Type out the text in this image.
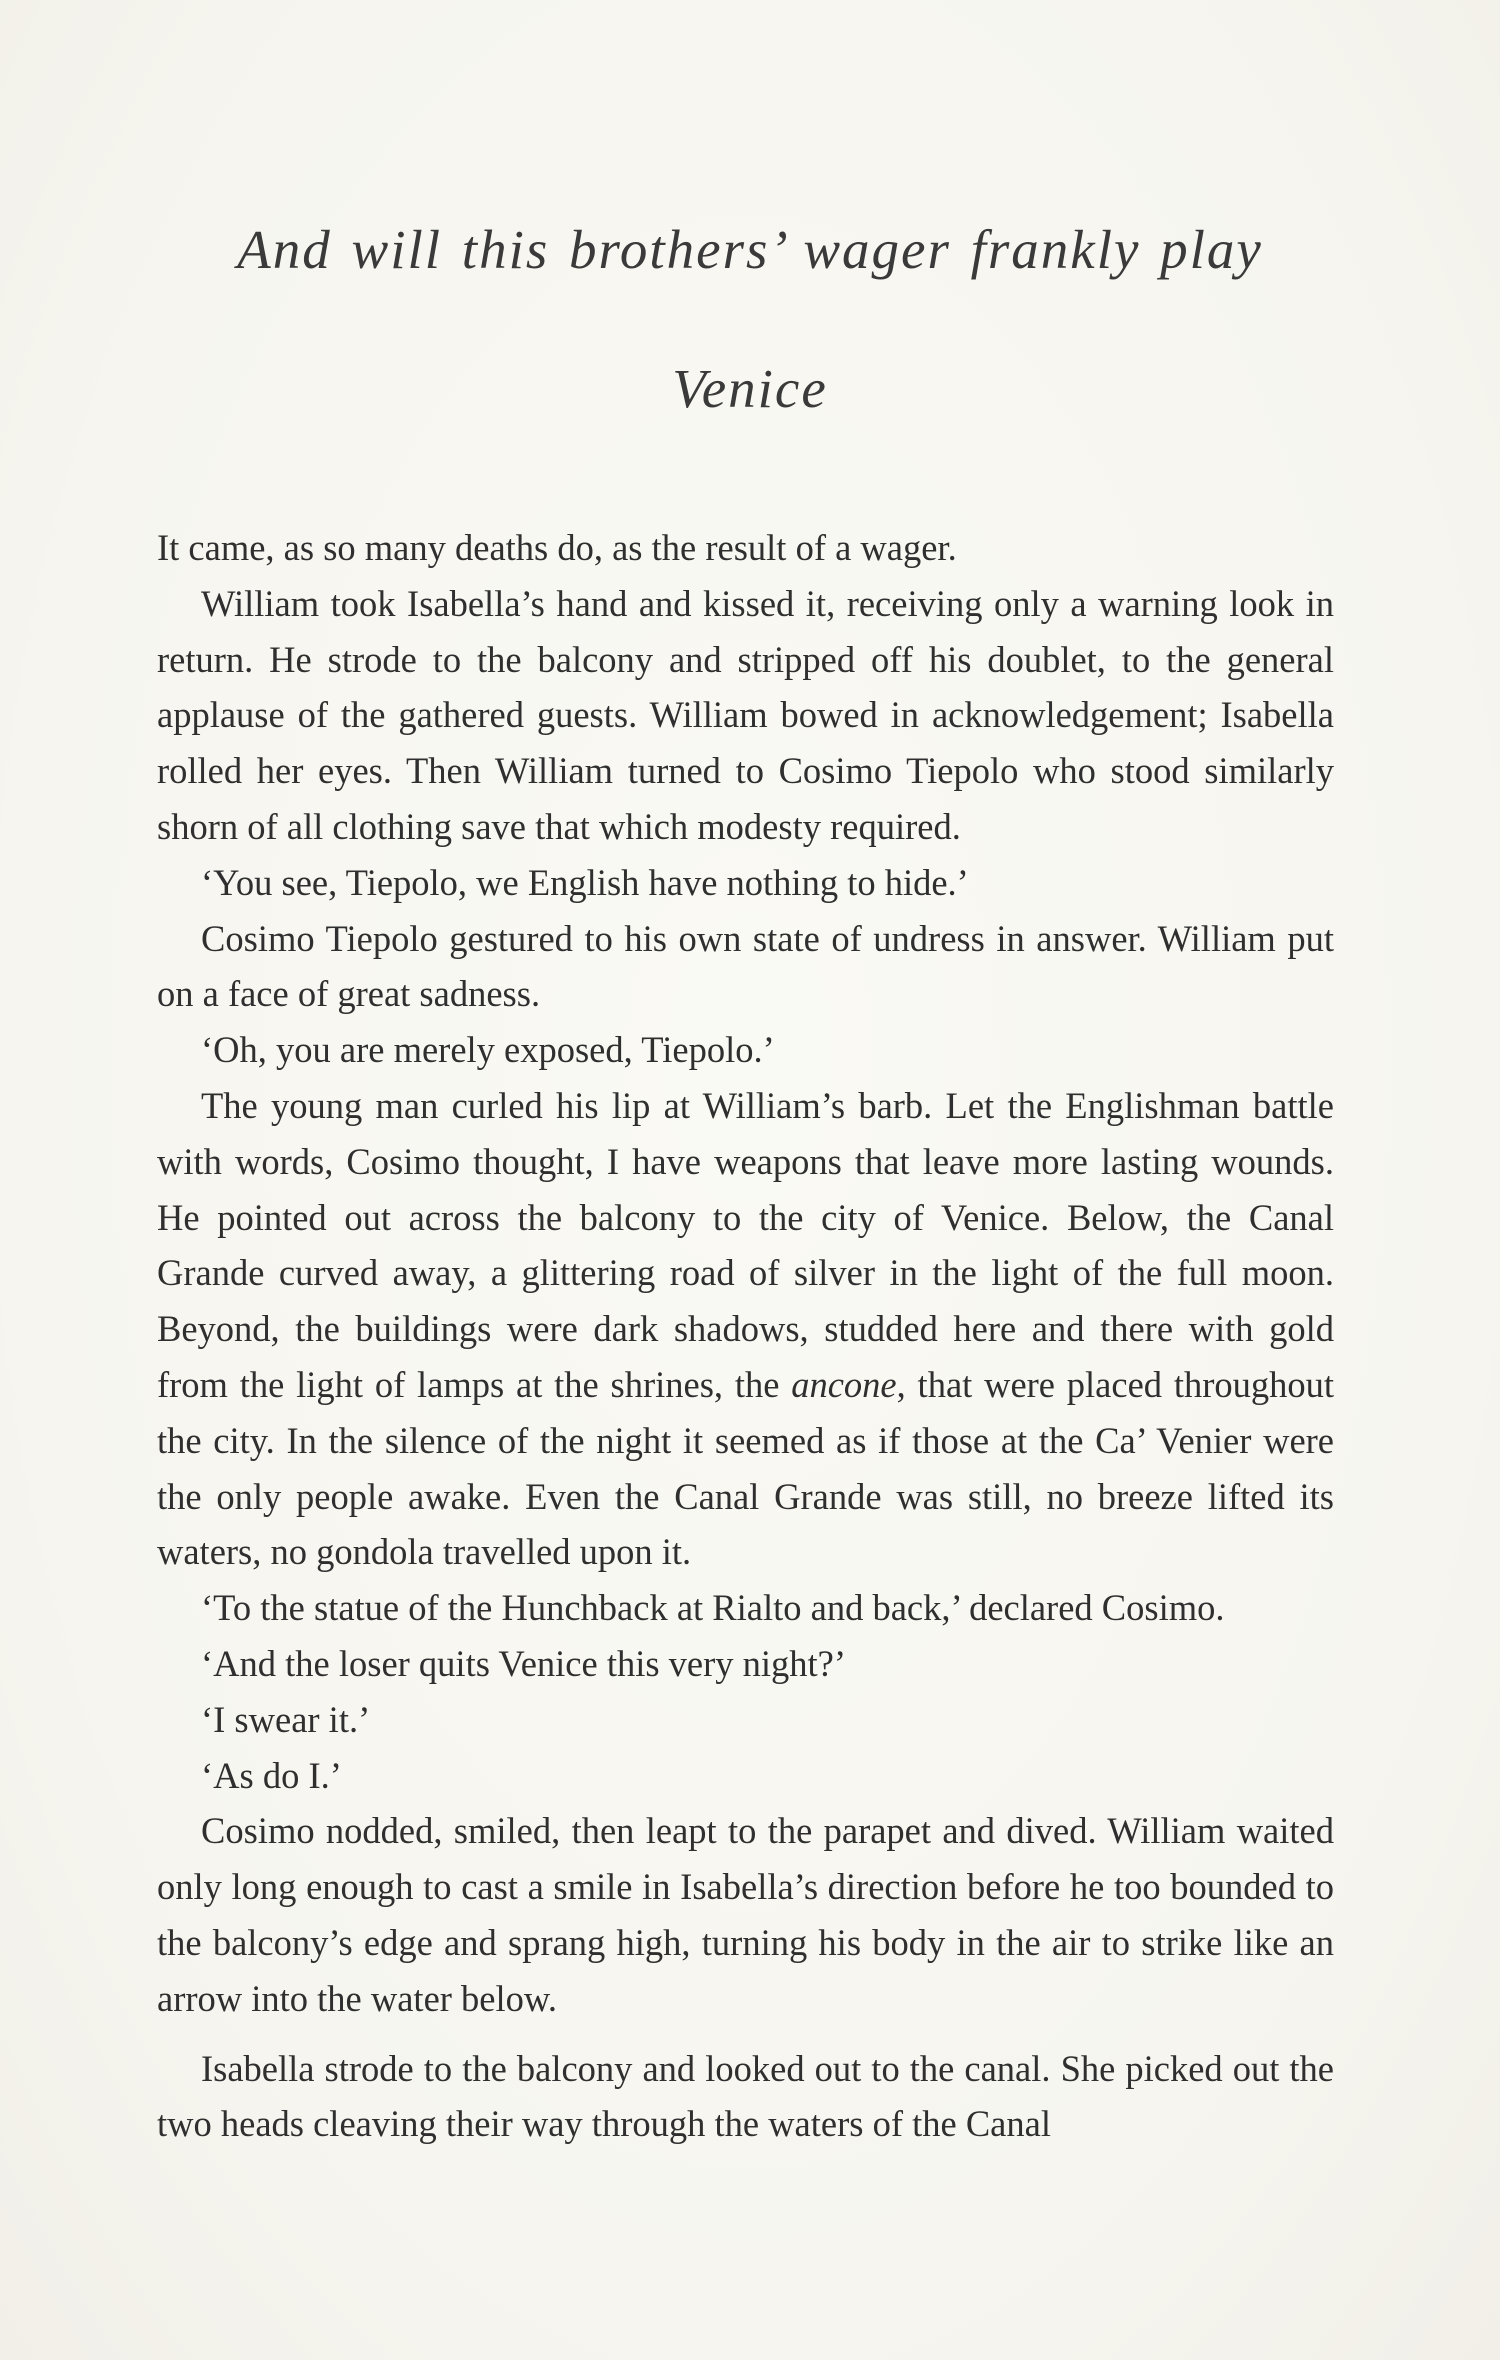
And will this brothers’ wager frankly play
Venice

It came, as so many deaths do, as the result of a wager.

William took Isabella’s hand and kissed it, receiving only a warning look in return. He strode to the balcony and stripped off his doublet, to the general applause of the gathered guests. William bowed in acknowledgement; Isabella rolled her eyes. Then William turned to Cosimo Tiepolo who stood similarly shorn of all clothing save that which modesty required.

‘You see, Tiepolo, we English have nothing to hide.’

Cosimo Tiepolo gestured to his own state of undress in answer. William put on a face of great sadness.

‘Oh, you are merely exposed, Tiepolo.’

The young man curled his lip at William’s barb. Let the Englishman battle with words, Cosimo thought, I have weapons that leave more lasting wounds. He pointed out across the balcony to the city of Venice. Below, the Canal Grande curved away, a glittering road of silver in the light of the full moon. Beyond, the buildings were dark shadows, studded here and there with gold from the light of lamps at the shrines, the ancone, that were placed throughout the city. In the silence of the night it seemed as if those at the Ca’ Venier were the only people awake. Even the Canal Grande was still, no breeze lifted its waters, no gondola travelled upon it.

‘To the statue of the Hunchback at Rialto and back,’ declared Cosimo.

‘And the loser quits Venice this very night?’

‘I swear it.’

‘As do I.’

Cosimo nodded, smiled, then leapt to the parapet and dived. William waited only long enough to cast a smile in Isabella’s direction before he too bounded to the balcony’s edge and sprang high, turning his body in the air to strike like an arrow into the water below.

Isabella strode to the balcony and looked out to the canal. She picked out the two heads cleaving their way through the waters of the Canal
